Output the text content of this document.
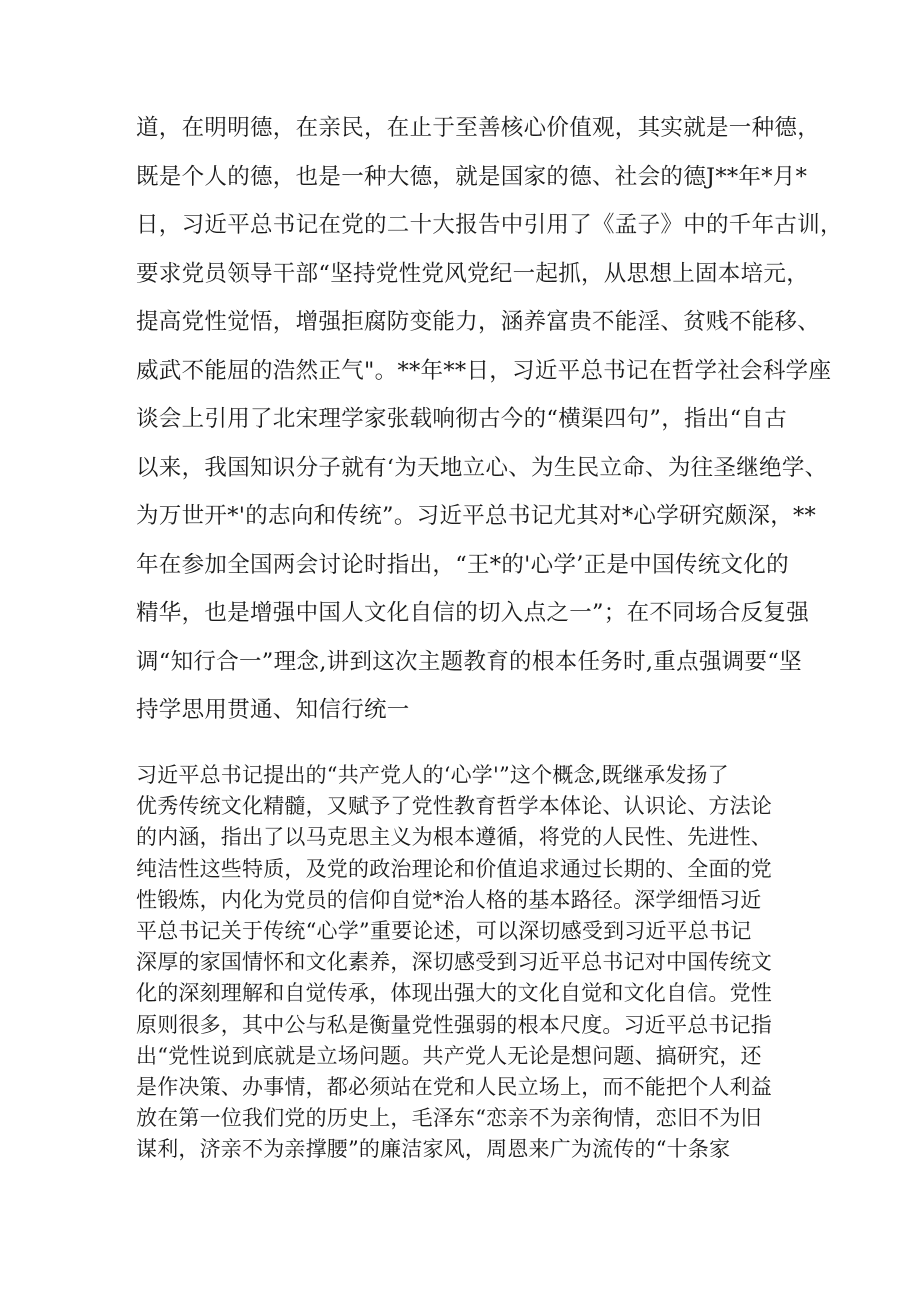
道，在明明德，在亲民，在止于至善核心价值观，其实就是一种德，
既是个人的德，也是一种大德，就是国家的德、社会的德J**年*月*
日，习近平总书记在党的二十大报告中引用了《孟子》中的千年古训，
要求党员领导干部“坚持党性党风党纪一起抓，从思想上固本培元，
提高党性觉悟，增强拒腐防变能力，涵养富贵不能淫、贫贱不能移、
威武不能屈的浩然正气"。**年**日，习近平总书记在哲学社会科学座
谈会上引用了北宋理学家张载响彻古今的“横渠四句”，指出“自古
以来，我国知识分子就有‘为天地立心、为生民立命、为往圣继绝学、
为万世开*'的志向和传统”。习近平总书记尤其对*心学研究颇深，**
年在参加全国两会讨论时指出，“王*的'心学’正是中国传统文化的
精华，也是增强中国人文化自信的切入点之一”；在不同场合反复强
调“知行合一”理念,讲到这次主题教育的根本任务时,重点强调要“坚
持学思用贯通、知信行统一
习近平总书记提出的“共产党人的‘心学'”这个概念,既继承发扬了
优秀传统文化精髓，又赋予了党性教育哲学本体论、认识论、方法论
的内涵，指出了以马克思主义为根本遵循，将党的人民性、先进性、
纯洁性这些特质，及党的政治理论和价值追求通过长期的、全面的党
性锻炼，内化为党员的信仰自觉*治人格的基本路径。深学细悟习近
平总书记关于传统“心学”重要论述，可以深切感受到习近平总书记
深厚的家国情怀和文化素养，深切感受到习近平总书记对中国传统文
化的深刻理解和自觉传承，体现出强大的文化自觉和文化自信。党性
原则很多，其中公与私是衡量党性强弱的根本尺度。习近平总书记指
出“党性说到底就是立场问题。共产党人无论是想问题、搞研究，还
是作决策、办事情，都必须站在党和人民立场上，而不能把个人利益
放在第一位我们党的历史上，毛泽东“恋亲不为亲徇情，恋旧不为旧
谋利，济亲不为亲撑腰”的廉洁家风，周恩来广为流传的“十条家
